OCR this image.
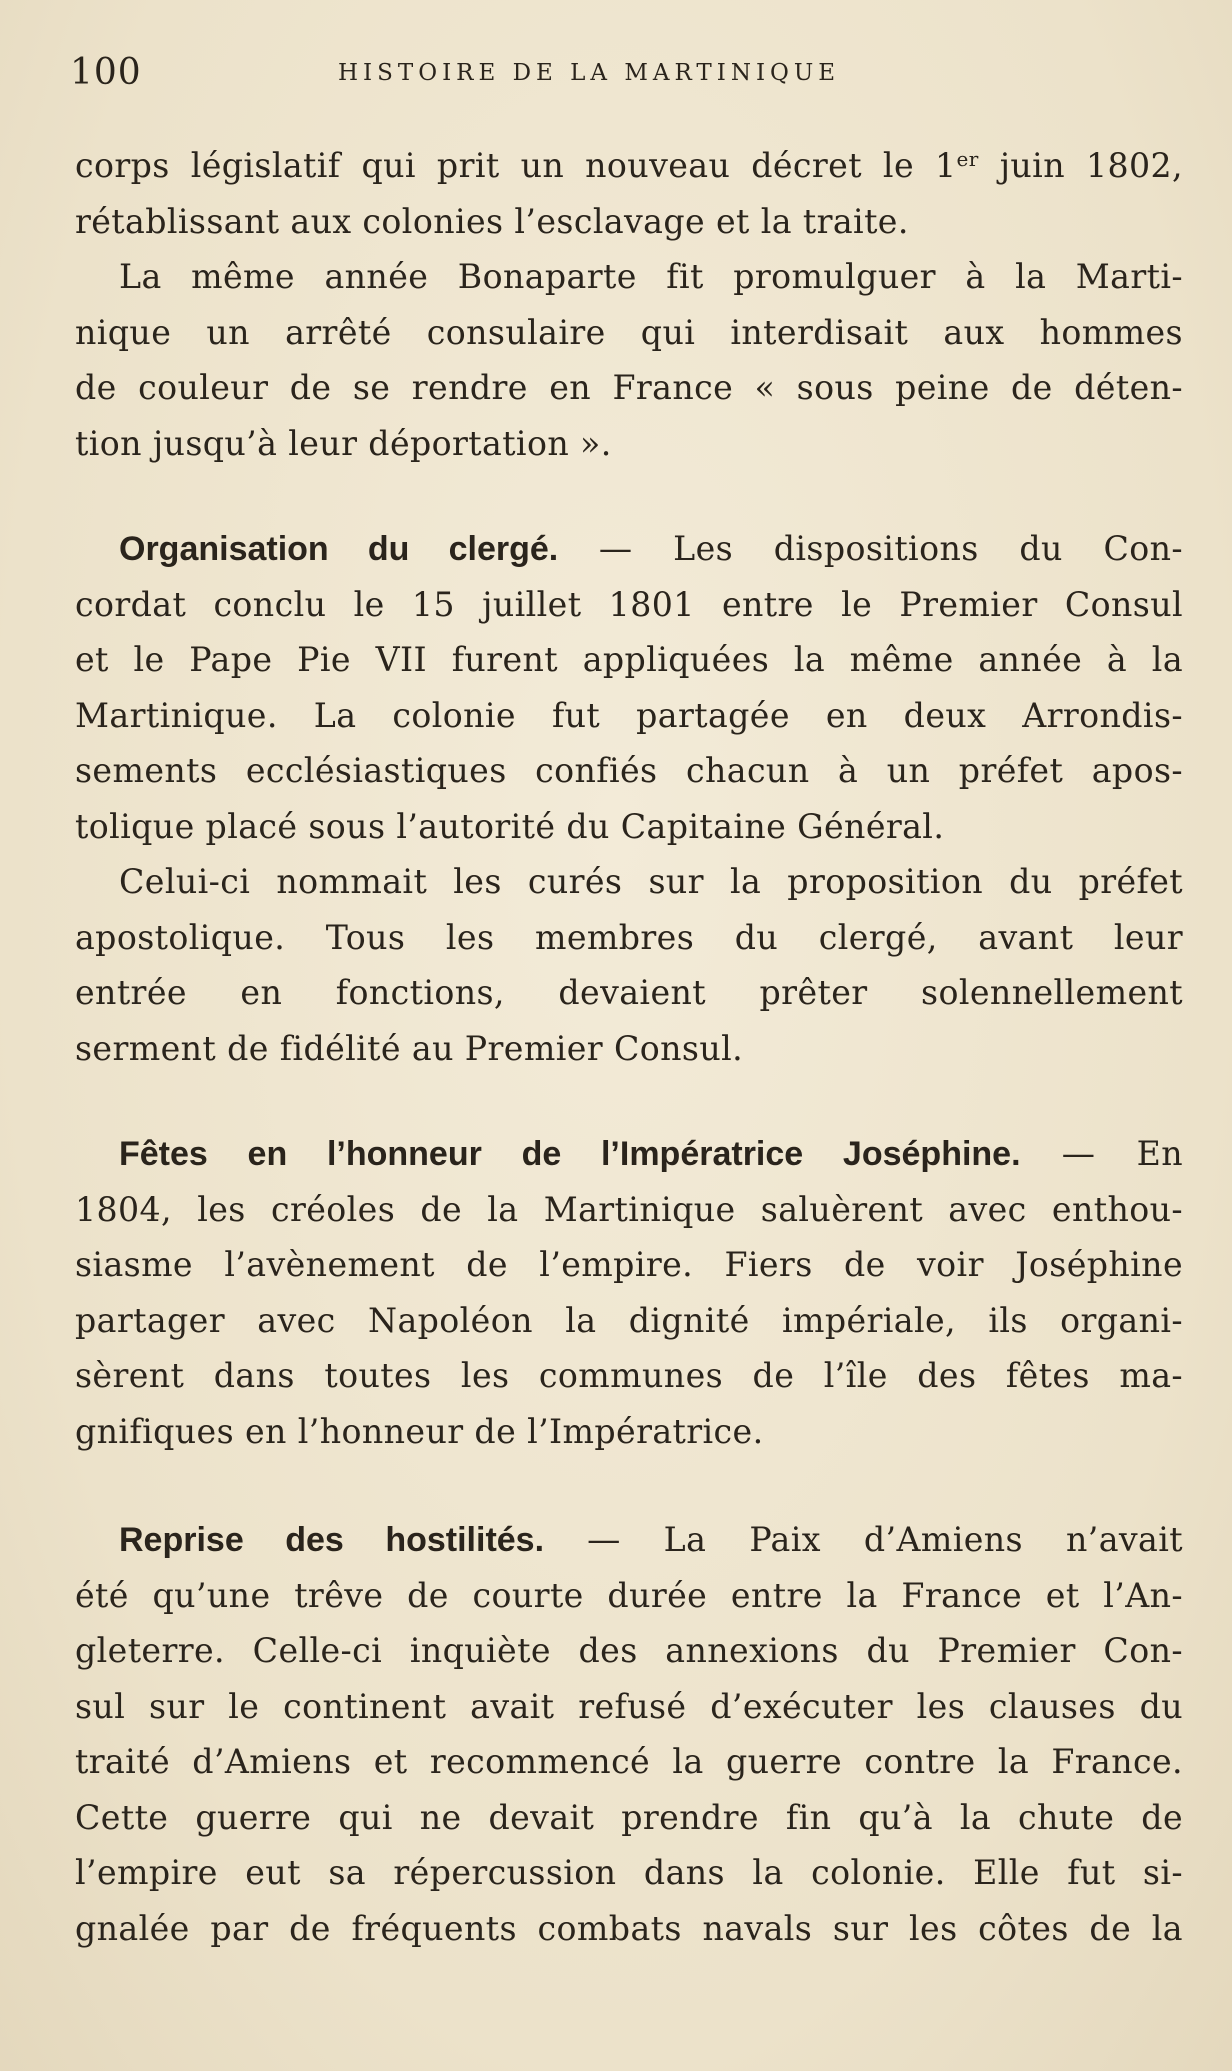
100	HISTOIRE DE LA MARTINIQUE
corps législatif qui prit un nouveau décret le 1er juin 1802,
rétablissant aux colonies l’esclavage et la traite.
La même année Bonaparte fit promulguer à la Marti-
nique un arrêté consulaire qui interdisait aux hommes
de couleur de se rendre en France « sous peine de déten-
tion jusqu’à leur déportation ».
Organisation du clergé. — Les dispositions du Con-
cordat conclu le 15 juillet 1801 entre le Premier Consul
et le Pape Pie VII furent appliquées la même année à la
Martinique. La colonie fut partagée en deux Arrondis-
sements ecclésiastiques confiés chacun à un préfet apos-
tolique placé sous l’autorité du Capitaine Général.
Celui-ci nommait les curés sur la proposition du préfet
apostolique. Tous les membres du clergé, avant leur
entrée en fonctions, devaient prêter solennellement
serment de fidélité au Premier Consul.
Fêtes en l’honneur de l’Impératrice Joséphine. — En
1804, les créoles de la Martinique saluèrent avec enthou-
siasme l’avènement de l’empire. Fiers de voir Joséphine
partager avec Napoléon la dignité impériale, ils organi-
sèrent dans toutes les communes de l’île des fêtes ma-
gnifiques en l’honneur de l’Impératrice.
Reprise des hostilités. — La Paix d’Amiens n’avait
été qu’une trêve de courte durée entre la France et l’An-
gleterre. Celle-ci inquiète des annexions du Premier Con-
sul sur le continent avait refusé d’exécuter les clauses du
traité d’Amiens et recommencé la guerre contre la France.
Cette guerre qui ne devait prendre fin qu’à la chute de
l’empire eut sa répercussion dans la colonie. Elle fut si-
gnalée par de fréquents combats navals sur les côtes de la
